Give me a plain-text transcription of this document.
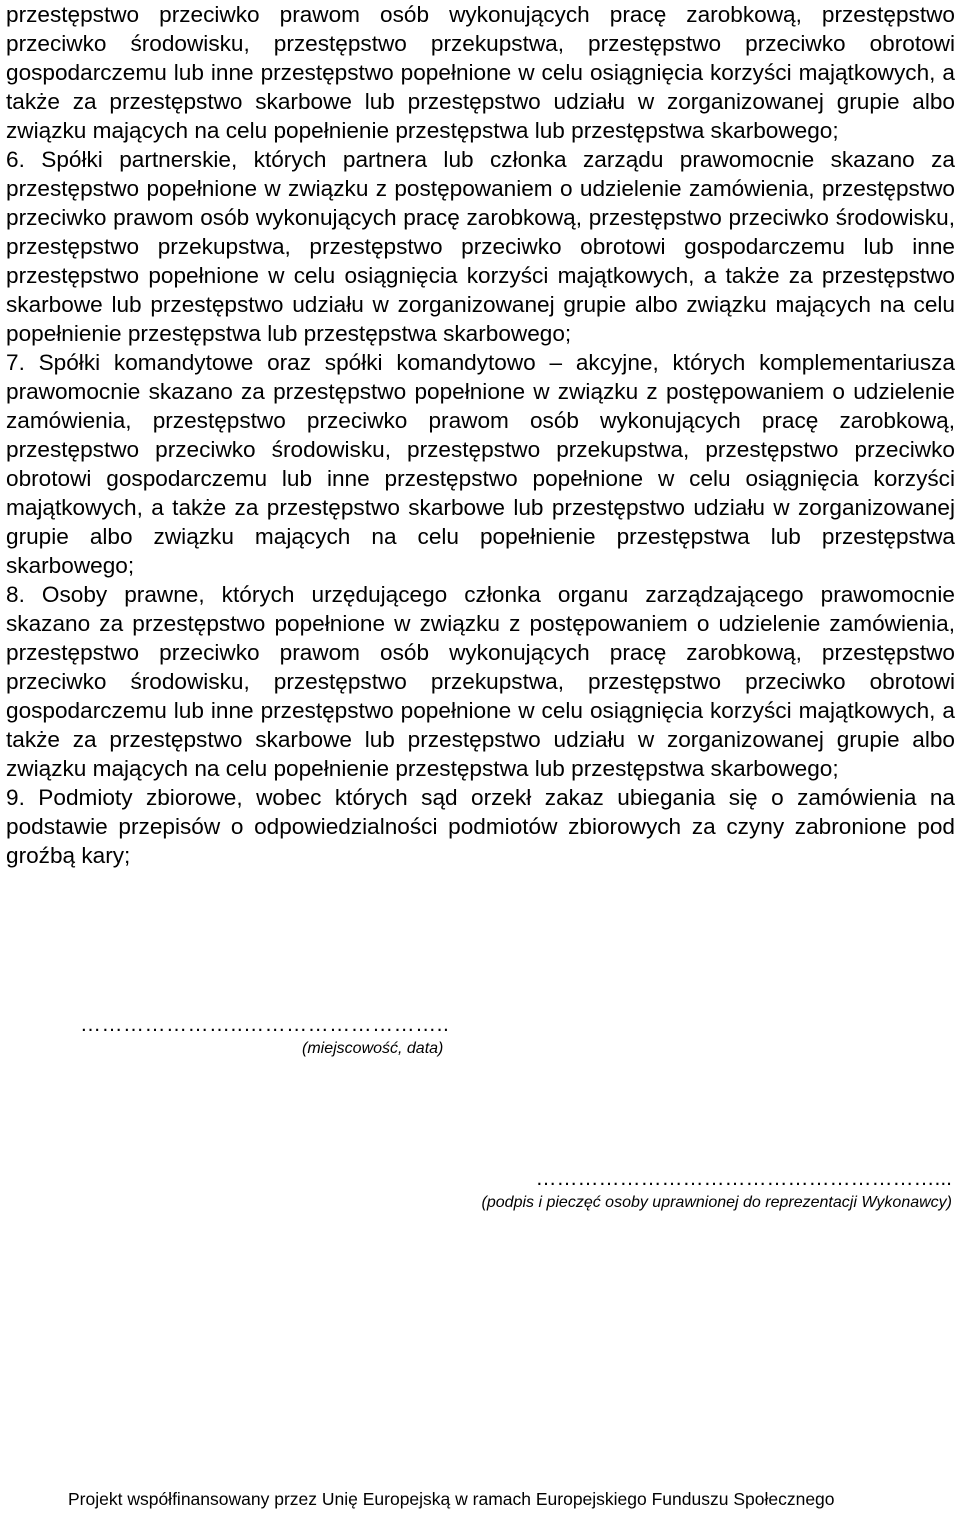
przestępstwo przeciwko prawom osób wykonujących pracę zarobkową, przestępstwo przeciwko środowisku, przestępstwo przekupstwa, przestępstwo przeciwko obrotowi gospodarczemu lub inne przestępstwo popełnione w celu osiągnięcia korzyści majątkowych, a także za przestępstwo skarbowe lub przestępstwo udziału w zorganizowanej grupie albo związku mających na celu popełnienie przestępstwa lub przestępstwa skarbowego;

6. Spółki partnerskie, których partnera lub członka zarządu prawomocnie skazano za przestępstwo popełnione w związku z postępowaniem o udzielenie zamówienia, przestępstwo przeciwko prawom osób wykonujących pracę zarobkową, przestępstwo przeciwko środowisku, przestępstwo przekupstwa, przestępstwo przeciwko obrotowi gospodarczemu lub inne przestępstwo popełnione w celu osiągnięcia korzyści majątkowych, a także za przestępstwo skarbowe lub przestępstwo udziału w zorganizowanej grupie albo związku mających na celu popełnienie przestępstwa lub przestępstwa skarbowego;

7. Spółki komandytowe oraz spółki komandytowo – akcyjne, których komplementariusza prawomocnie skazano za przestępstwo popełnione w związku z postępowaniem o udzielenie zamówienia, przestępstwo przeciwko prawom osób wykonujących pracę zarobkową, przestępstwo przeciwko środowisku, przestępstwo przekupstwa, przestępstwo przeciwko obrotowi gospodarczemu lub inne przestępstwo popełnione w celu osiągnięcia korzyści majątkowych, a także za przestępstwo skarbowe lub przestępstwo udziału w zorganizowanej grupie albo związku mających na celu popełnienie przestępstwa lub przestępstwa skarbowego;

8. Osoby prawne, których urzędującego członka organu zarządzającego prawomocnie skazano za przestępstwo popełnione w związku z postępowaniem o udzielenie zamówienia, przestępstwo przeciwko prawom osób wykonujących pracę zarobkową, przestępstwo przeciwko środowisku, przestępstwo przekupstwa, przestępstwo przeciwko obrotowi gospodarczemu lub inne przestępstwo popełnione w celu osiągnięcia korzyści majątkowych, a także za przestępstwo skarbowe lub przestępstwo udziału w zorganizowanej grupie albo związku mających na celu popełnienie przestępstwa lub przestępstwa skarbowego;

9. Podmioty zbiorowe, wobec których sąd orzekł zakaz ubiegania się o zamówienia na podstawie przepisów o odpowiedzialności podmiotów zbiorowych za czyny zabronione pod groźbą kary;

…………………..………………………..
(miejscowość, data)
…………………………………………………...
(podpis i pieczęć osoby uprawnionej do reprezentacji Wykonawcy)
Projekt współfinansowany przez Unię Europejską w ramach Europejskiego Funduszu Społecznego
